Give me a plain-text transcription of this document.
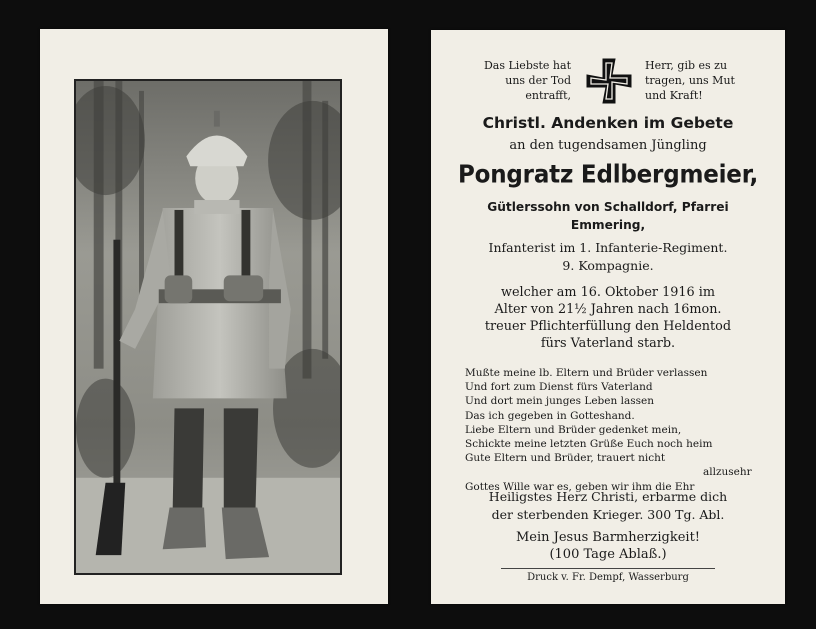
Das Liebste hat
uns der Tod
entrafft,
Herr, gib es zu
tragen, uns Mut
und Kraft!
Christl. Andenken im Gebete
an den tugendsamen Jüngling
Pongratz Edlbergmeier,
Gütlerssohn von Schalldorf, Pfarrei
Emmering,
Infanterist im 1. Infanterie-Regiment.
9. Kompagnie.
welcher am 16. Oktober 1916 im
Alter von 21½ Jahren nach 16mon.
treuer Pflichterfüllung den Heldentod
fürs Vaterland starb.
Mußte meine lb. Eltern und Brüder verlassen
Und fort zum Dienst fürs Vaterland
Und dort mein junges Leben lassen
Das ich gegeben in Gotteshand.
Liebe Eltern und Brüder gedenket mein,
Schickte meine letzten Grüße Euch noch heim
Gute Eltern und Brüder, trauert nicht
allzusehr
Gottes Wille war es, geben wir ihm die Ehr
Heiligstes Herz Christi, erbarme dich
der sterbenden Krieger. 300 Tg. Abl.
Mein Jesus Barmherzigkeit!
(100 Tage Ablaß.)
Druck v. Fr. Dempf, Wasserburg
